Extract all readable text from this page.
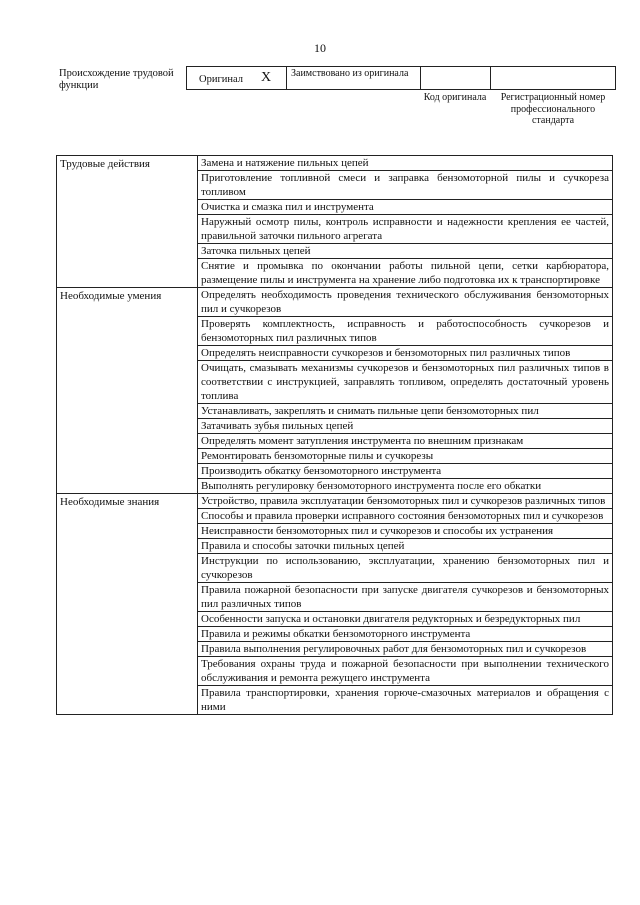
10
Происхождение трудовой функции
Оригинал X Заимствовано из оригинала
Код оригинала	Регистрационный номер профессионального стандарта
Трудовые действия	Замена и натяжение пильных цепей
	Приготовление топливной смеси и заправка бензомоторной пилы и сучкореза топливом
	Очистка и смазка пил и инструмента
	Наружный осмотр пилы, контроль исправности и надежности крепления ее частей, правильной заточки пильного агрегата
	Заточка пильных цепей
	Снятие и промывка по окончании работы пильной цепи, сетки карбюратора, размещение пилы и инструмента на хранение либо подготовка их к транспортировке
Необходимые умения	Определять необходимость проведения технического обслуживания бензомоторных пил и сучкорезов
	Проверять комплектность, исправность и работоспособность сучкорезов и бензомоторных пил различных типов
	Определять неисправности сучкорезов и бензомоторных пил различных типов
	Очищать, смазывать механизмы сучкорезов и бензомоторных пил различных типов в соответствии с инструкцией, заправлять топливом, определять достаточный уровень топлива
	Устанавливать, закреплять и снимать пильные цепи бензомоторных пил
	Затачивать зубья пильных цепей
	Определять момент затупления инструмента по внешним признакам
	Ремонтировать бензомоторные пилы и сучкорезы
	Производить обкатку бензомоторного инструмента
	Выполнять регулировку бензомоторного инструмента после его обкатки
Необходимые знания	Устройство, правила эксплуатации бензомоторных пил и сучкорезов различных типов
	Способы и правила проверки исправного состояния бензомоторных пил и сучкорезов
	Неисправности бензомоторных пил и сучкорезов и способы их устранения
	Правила и способы заточки пильных цепей
	Инструкции по использованию, эксплуатации, хранению бензомоторных пил и сучкорезов
	Правила пожарной безопасности при запуске двигателя сучкорезов и бензомоторных пил различных типов
	Особенности запуска и остановки двигателя редукторных и безредукторных пил
	Правила и режимы обкатки бензомоторного инструмента
	Правила выполнения регулировочных работ для бензомоторных пил и сучкорезов
	Требования охраны труда и пожарной безопасности при выполнении технического обслуживания и ремонта режущего инструмента
	Правила транспортировки, хранения горюче-смазочных материалов и обращения с ними
